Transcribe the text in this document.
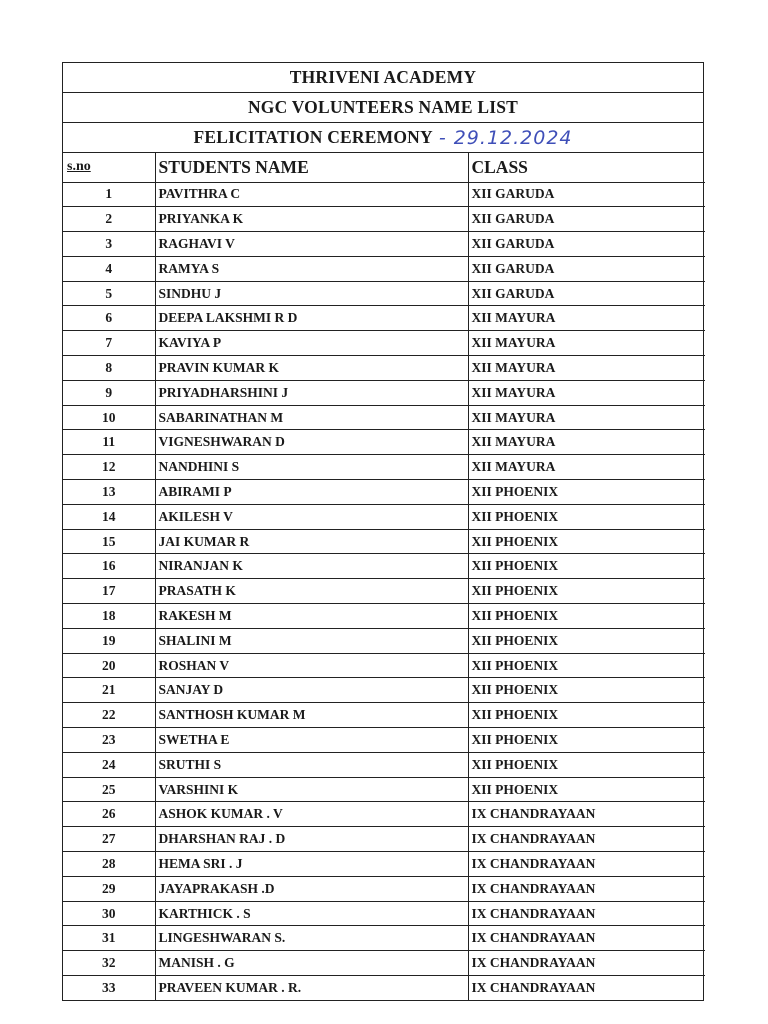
THRIVENI ACADEMY
NGC VOLUNTEERS NAME LIST
FELICITATION CEREMONY - 29.12.2024
s.no	STUDENTS NAME	CLASS
1	PAVITHRA C	XII GARUDA
2	PRIYANKA K	XII GARUDA
3	RAGHAVI V	XII GARUDA
4	RAMYA S	XII GARUDA
5	SINDHU J	XII GARUDA
6	DEEPA LAKSHMI R D	XII MAYURA
7	KAVIYA P	XII MAYURA
8	PRAVIN KUMAR K	XII MAYURA
9	PRIYADHARSHINI J	XII MAYURA
10	SABARINATHAN M	XII MAYURA
11	VIGNESHWARAN D	XII MAYURA
12	NANDHINI S	XII MAYURA
13	ABIRAMI P	XII PHOENIX
14	AKILESH V	XII PHOENIX
15	JAI KUMAR R	XII PHOENIX
16	NIRANJAN K	XII PHOENIX
17	PRASATH K	XII PHOENIX
18	RAKESH M	XII PHOENIX
19	SHALINI M	XII PHOENIX
20	ROSHAN V	XII PHOENIX
21	SANJAY D	XII PHOENIX
22	SANTHOSH KUMAR M	XII PHOENIX
23	SWETHA E	XII PHOENIX
24	SRUTHI S	XII PHOENIX
25	VARSHINI K	XII PHOENIX
26	ASHOK KUMAR . V	IX CHANDRAYAAN
27	DHARSHAN RAJ . D	IX CHANDRAYAAN
28	HEMA SRI . J	IX CHANDRAYAAN
29	JAYAPRAKASH .D	IX CHANDRAYAAN
30	KARTHICK . S	IX CHANDRAYAAN
31	LINGESHWARAN S.	IX CHANDRAYAAN
32	MANISH . G	IX CHANDRAYAAN
33	PRAVEEN KUMAR . R.	IX CHANDRAYAAN
